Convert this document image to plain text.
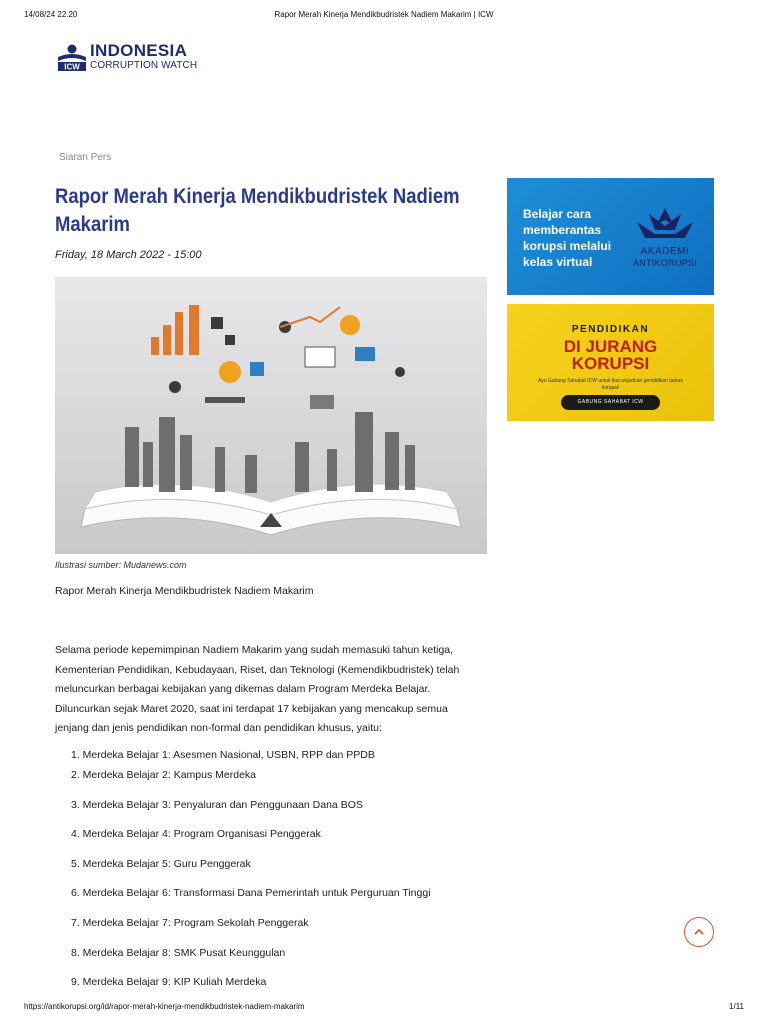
14/08/24 22.20	Rapor Merah Kinerja Mendikbudristek Nadiem Makarim | ICW
ICW
INDONESIA
CORRUPTION WATCH
Siaran Pers
Rapor Merah Kinerja Mendikbudristek Nadiem Makarim
Friday, 18 March 2022 - 15:00
Ilustrasi sumber: Mudanews.com
Rapor Merah Kinerja Mendikbudristek Nadiem Makarim

Selama periode kepemimpinan Nadiem Makarim yang sudah memasuki tahun ketiga, Kementerian Pendidikan, Kebudayaan, Riset, dan Teknologi (Kemendikbudristek) telah meluncurkan berbagai kebijakan yang dikemas dalam Program Merdeka Belajar. Diluncurkan sejak Maret 2020, saat ini terdapat 17 kebijakan yang mencakup semua jenjang dan jenis pendidikan non-formal dan pendidikan khusus, yaitu:

1. Merdeka Belajar 1: Asesmen Nasional, USBN, RPP dan PPDB
2. Merdeka Belajar 2: Kampus Merdeka
3. Merdeka Belajar 3: Penyaluran dan Penggunaan Dana BOS
4. Merdeka Belajar 4: Program Organisasi Penggerak
5. Merdeka Belajar 5: Guru Penggerak
6. Merdeka Belajar 6: Transformasi Dana Pemerintah untuk Perguruan Tinggi
7. Merdeka Belajar 7: Program Sekolah Penggerak
8. Merdeka Belajar 8: SMK Pusat Keunggulan
9. Merdeka Belajar 9: KIP Kuliah Merdeka
Belajar cara memberantas korupsi melalui kelas virtual
AKADEMI
ANTIKORUPSI
PENDIDIKAN
DI JURANG
KORUPSI
Ayo Gabung Sahabat ICW untuk ikut wujudkan pendidikan bebas korupsi!
GABUNG SAHABAT ICW
https://antikorupsi.org/id/rapor-merah-kinerja-mendikbudristek-nadiem-makarim	1/11
